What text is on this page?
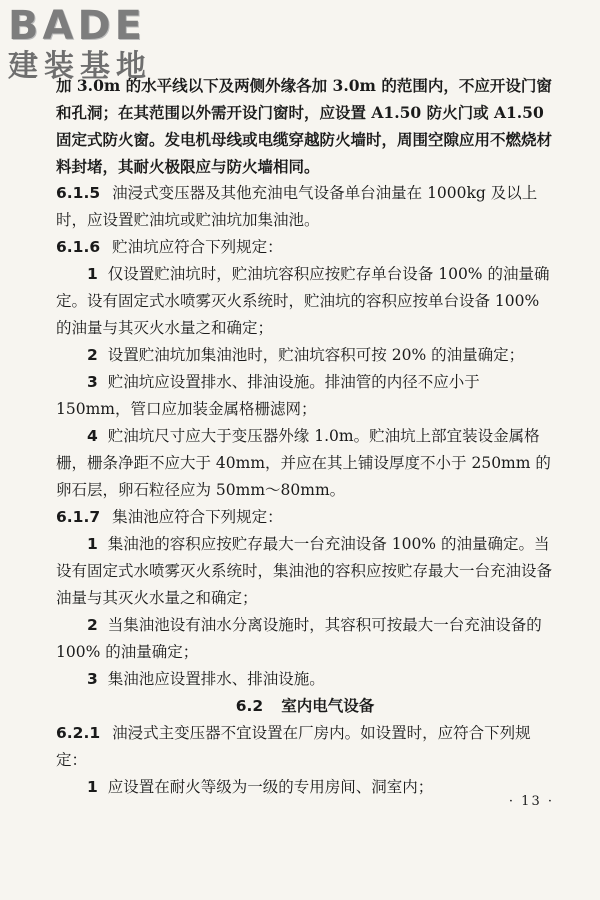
BADE
建装基地

加 3.0m 的水平线以下及两侧外缘各加 3.0m 的范围内，不应开设门窗和孔洞；在其范围以外需开设门窗时，应设置 A1.50 防火门或 A1.50 固定式防火窗。发电机母线或电缆穿越防火墙时，周围空隙应用不燃烧材料封堵，其耐火极限应与防火墙相同。

6.1.5 油浸式变压器及其他充油电气设备单台油量在 1000kg 及以上时，应设置贮油坑或贮油坑加集油池。

6.1.6 贮油坑应符合下列规定：

1 仅设置贮油坑时，贮油坑容积应按贮存单台设备 100% 的油量确定。设有固定式水喷雾灭火系统时，贮油坑的容积应按单台设备 100% 的油量与其灭火水量之和确定；

2 设置贮油坑加集油池时，贮油坑容积可按 20% 的油量确定；

3 贮油坑应设置排水、排油设施。排油管的内径不应小于 150mm，管口应加装金属格栅滤网；

4 贮油坑尺寸应大于变压器外缘 1.0m。贮油坑上部宜装设金属格栅，栅条净距不应大于 40mm，并应在其上铺设厚度不小于 250mm 的卵石层，卵石粒径应为 50mm～80mm。

6.1.7 集油池应符合下列规定：

1 集油池的容积应按贮存最大一台充油设备 100% 的油量确定。当设有固定式水喷雾灭火系统时，集油池的容积应按贮存最大一台充油设备油量与其灭火水量之和确定；

2 当集油池设有油水分离设施时，其容积可按最大一台充油设备的 100% 的油量确定；

3 集油池应设置排水、排油设施。

6.2 室内电气设备

6.2.1 油浸式主变压器不宜设置在厂房内。如设置时，应符合下列规定：

1 应设置在耐火等级为一级的专用房间、洞室内；

· 13 ·
